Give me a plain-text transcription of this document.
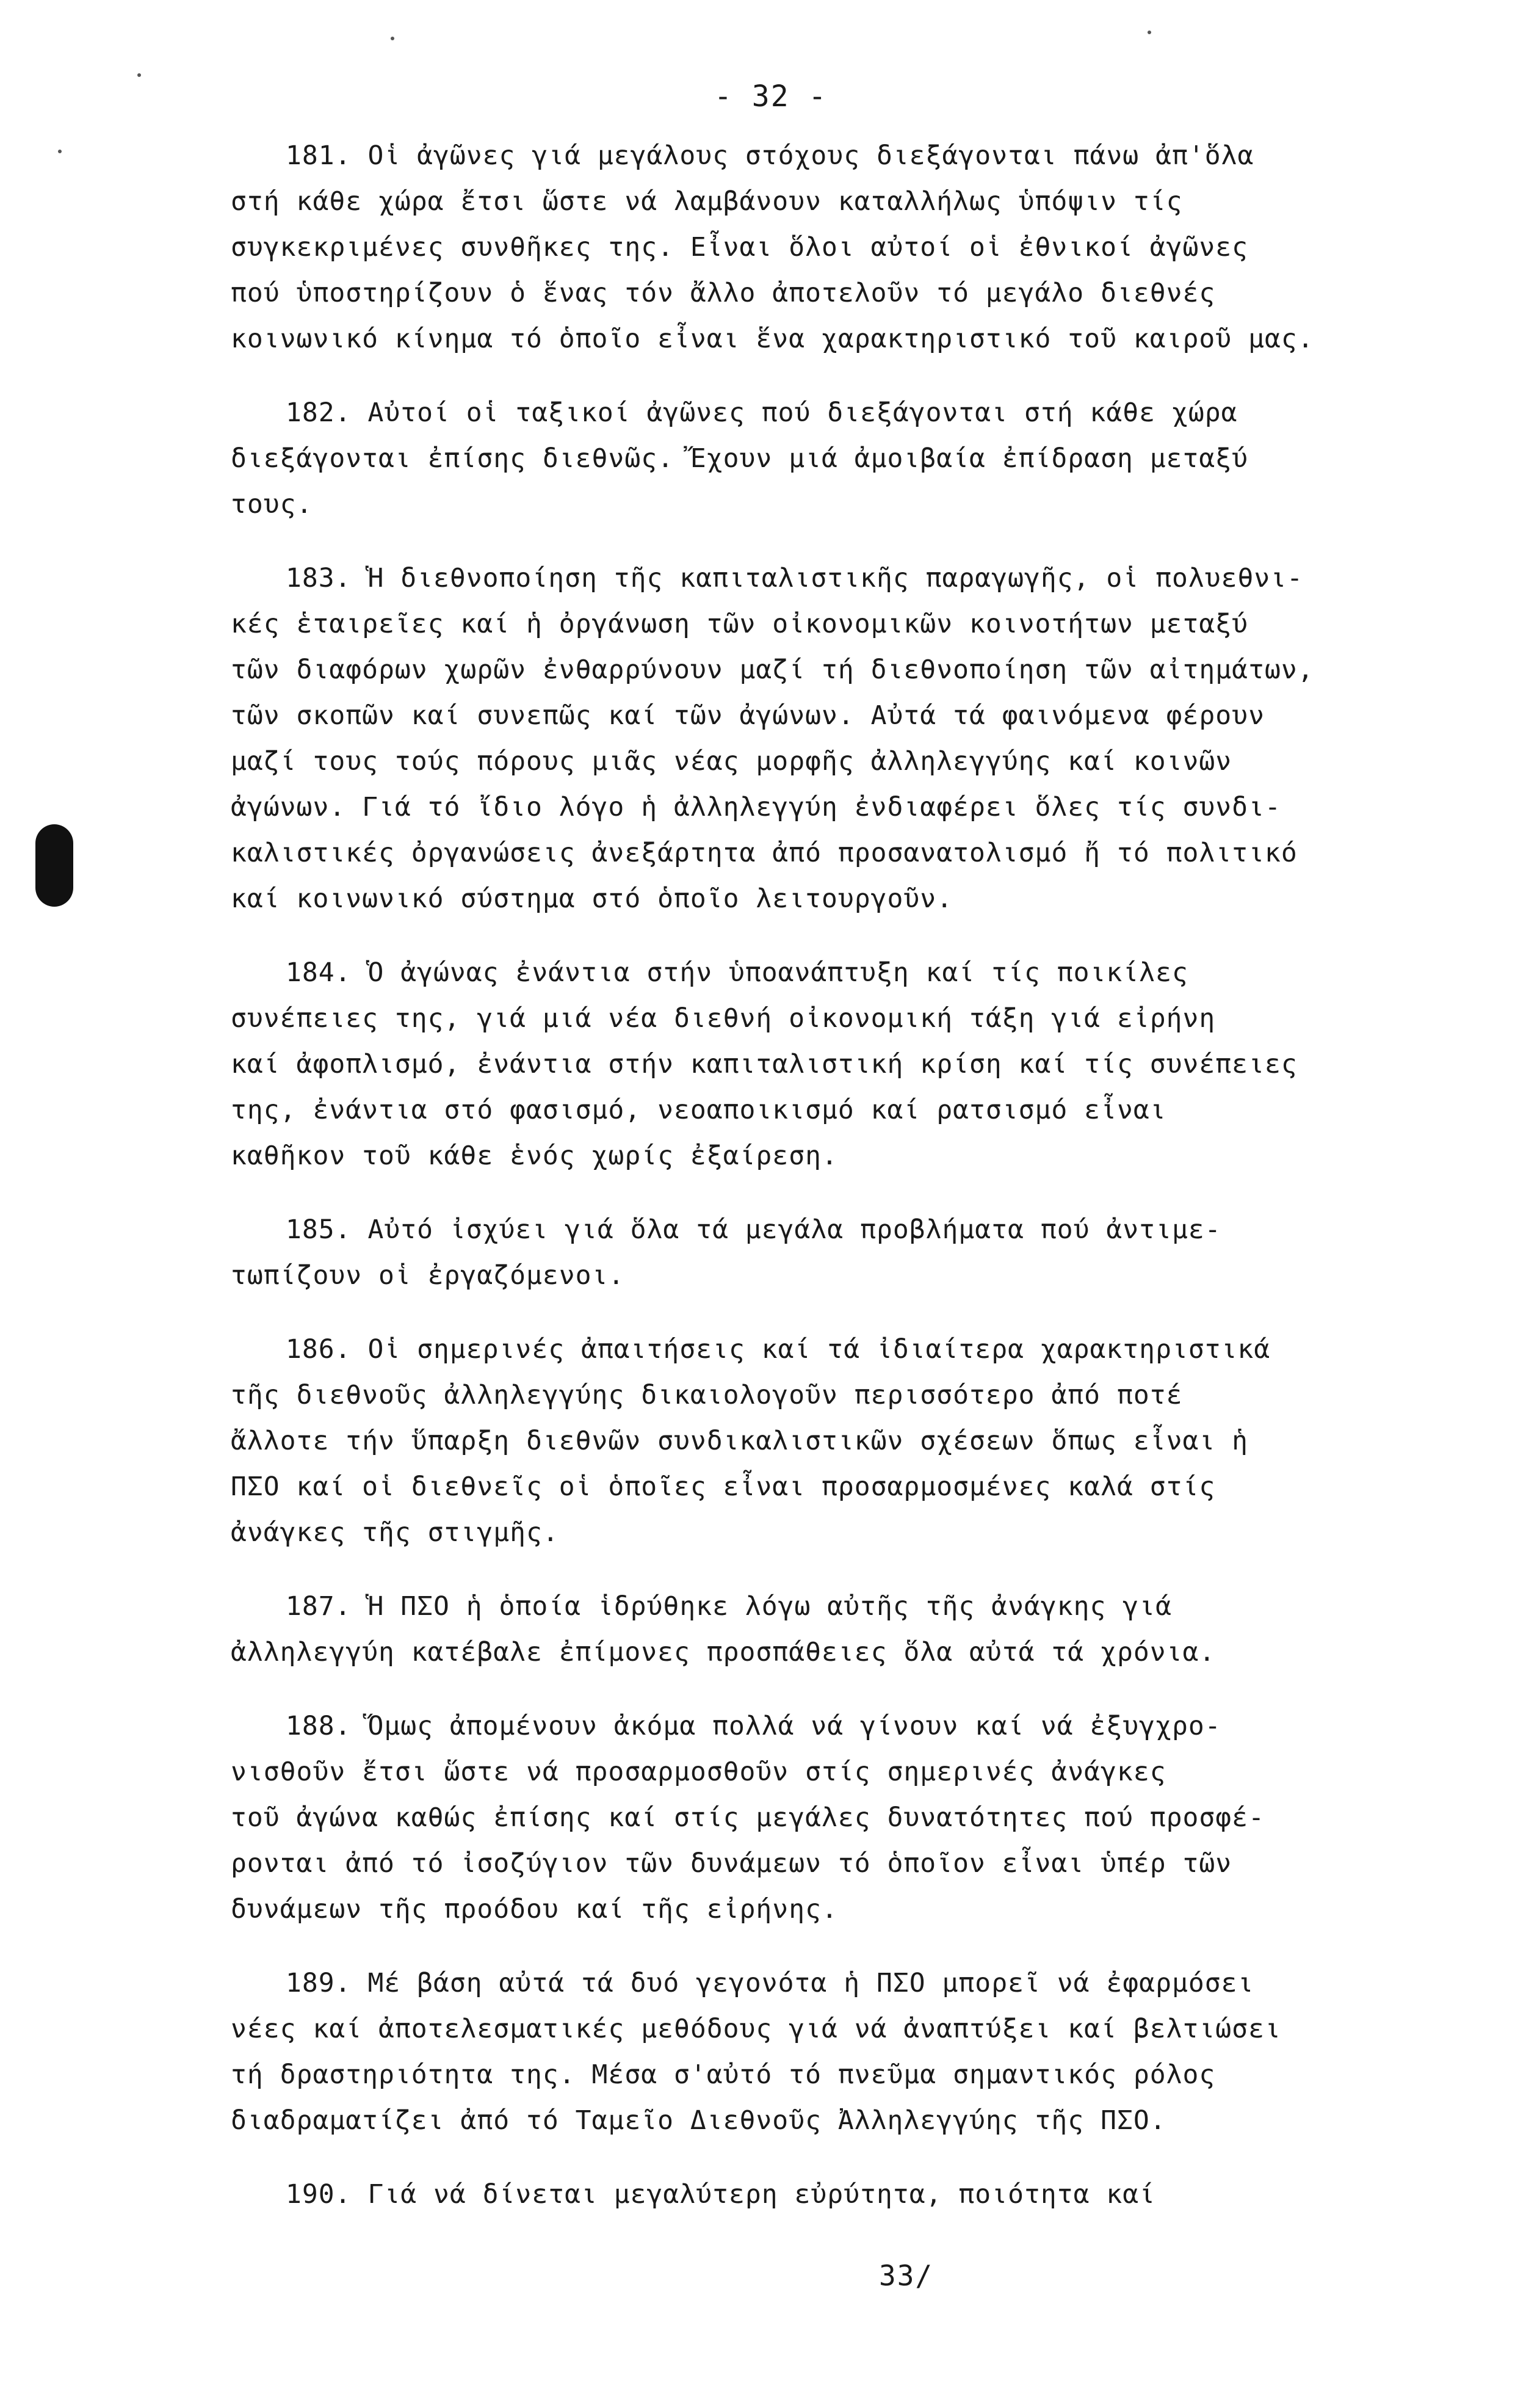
- 32 -
181. Οἱ ἀγῶνες γιά μεγάλους στόχους διεξάγονται πάνω ἀπ'ὅλα
στή κάθε χώρα ἔτσι ὥστε νά λαμβάνουν καταλλήλως ὑπόψιν τίς
συγκεκριμένες συνθῆκες της. Εἶναι ὅλοι αὐτοί οἱ ἐθνικοί ἀγῶνες
πού ὑποστηρίζουν ὁ ἕνας τόν ἄλλο ἀποτελοῦν τό μεγάλο διεθνές
κοινωνικό κίνημα τό ὁποῖο εἶναι ἕνα χαρακτηριστικό τοῦ καιροῦ μας.
182. Αὐτοί οἱ ταξικοί ἀγῶνες πού διεξάγονται στή κάθε χώρα
διεξάγονται ἐπίσης διεθνῶς. Ἔχουν μιά ἀμοιβαία ἐπίδραση μεταξύ
τους.
183. Ἡ διεθνοποίηση τῆς καπιταλιστικῆς παραγωγῆς, οἱ πολυεθνι-
κές ἑταιρεῖες καί ἡ ὀργάνωση τῶν οἰκονομικῶν κοινοτήτων μεταξύ
τῶν διαφόρων χωρῶν ἐνθαρρύνουν μαζί τή διεθνοποίηση τῶν αἰτημάτων,
τῶν σκοπῶν καί συνεπῶς καί τῶν ἀγώνων. Αὐτά τά φαινόμενα φέρουν
μαζί τους τούς πόρους μιᾶς νέας μορφῆς ἀλληλεγγύης καί κοινῶν
ἀγώνων. Γιά τό ἴδιο λόγο ἡ ἀλληλεγγύη ἐνδιαφέρει ὅλες τίς συνδι-
καλιστικές ὀργανώσεις ἀνεξάρτητα ἀπό προσανατολισμό ἤ τό πολιτικό
καί κοινωνικό σύστημα στό ὁποῖο λειτουργοῦν.
184. Ὁ ἀγώνας ἐνάντια στήν ὑποανάπτυξη καί τίς ποικίλες
συνέπειες της, γιά μιά νέα διεθνή οἰκονομική τάξη γιά εἰρήνη
καί ἀφοπλισμό, ἐνάντια στήν καπιταλιστική κρίση καί τίς συνέπειες
της, ἐνάντια στό φασισμό, νεοαποικισμό καί ρατσισμό εἶναι
καθῆκον τοῦ κάθε ἑνός χωρίς ἐξαίρεση.
185. Αὐτό ἰσχύει γιά ὅλα τά μεγάλα προβλήματα πού ἀντιμε-
τωπίζουν οἱ ἐργαζόμενοι.
186. Οἱ σημερινές ἀπαιτήσεις καί τά ἰδιαίτερα χαρακτηριστικά
τῆς διεθνοῦς ἀλληλεγγύης δικαιολογοῦν περισσότερο ἀπό ποτέ
ἄλλοτε τήν ὕπαρξη διεθνῶν συνδικαλιστικῶν σχέσεων ὅπως εἶναι ἡ
ΠΣΟ καί οἱ διεθνεῖς οἱ ὁποῖες εἶναι προσαρμοσμένες καλά στίς
ἀνάγκες τῆς στιγμῆς.
187. Ἡ ΠΣΟ ἡ ὁποία ἱδρύθηκε λόγω αὐτῆς τῆς ἀνάγκης γιά
ἀλληλεγγύη κατέβαλε ἐπίμονες προσπάθειες ὅλα αὐτά τά χρόνια.
188. Ὅμως ἀπομένουν ἀκόμα πολλά νά γίνουν καί νά ἐξυγχρο-
νισθοῦν ἔτσι ὥστε νά προσαρμοσθοῦν στίς σημερινές ἀνάγκες
τοῦ ἀγώνα καθώς ἐπίσης καί στίς μεγάλες δυνατότητες πού προσφέ-
ρονται ἀπό τό ἰσοζύγιον τῶν δυνάμεων τό ὁποῖον εἶναι ὑπέρ τῶν
δυνάμεων τῆς προόδου καί τῆς εἰρήνης.
189. Μέ βάση αὐτά τά δυό γεγονότα ἡ ΠΣΟ μπορεῖ νά ἐφαρμόσει
νέες καί ἀποτελεσματικές μεθόδους γιά νά ἀναπτύξει καί βελτιώσει
τή δραστηριότητα της. Μέσα σ'αὐτό τό πνεῦμα σημαντικός ρόλος
διαδραματίζει ἀπό τό Ταμεῖο Διεθνοῦς Ἀλληλεγγύης τῆς ΠΣΟ.
190. Γιά νά δίνεται μεγαλύτερη εὐρύτητα, ποιότητα καί
33/
